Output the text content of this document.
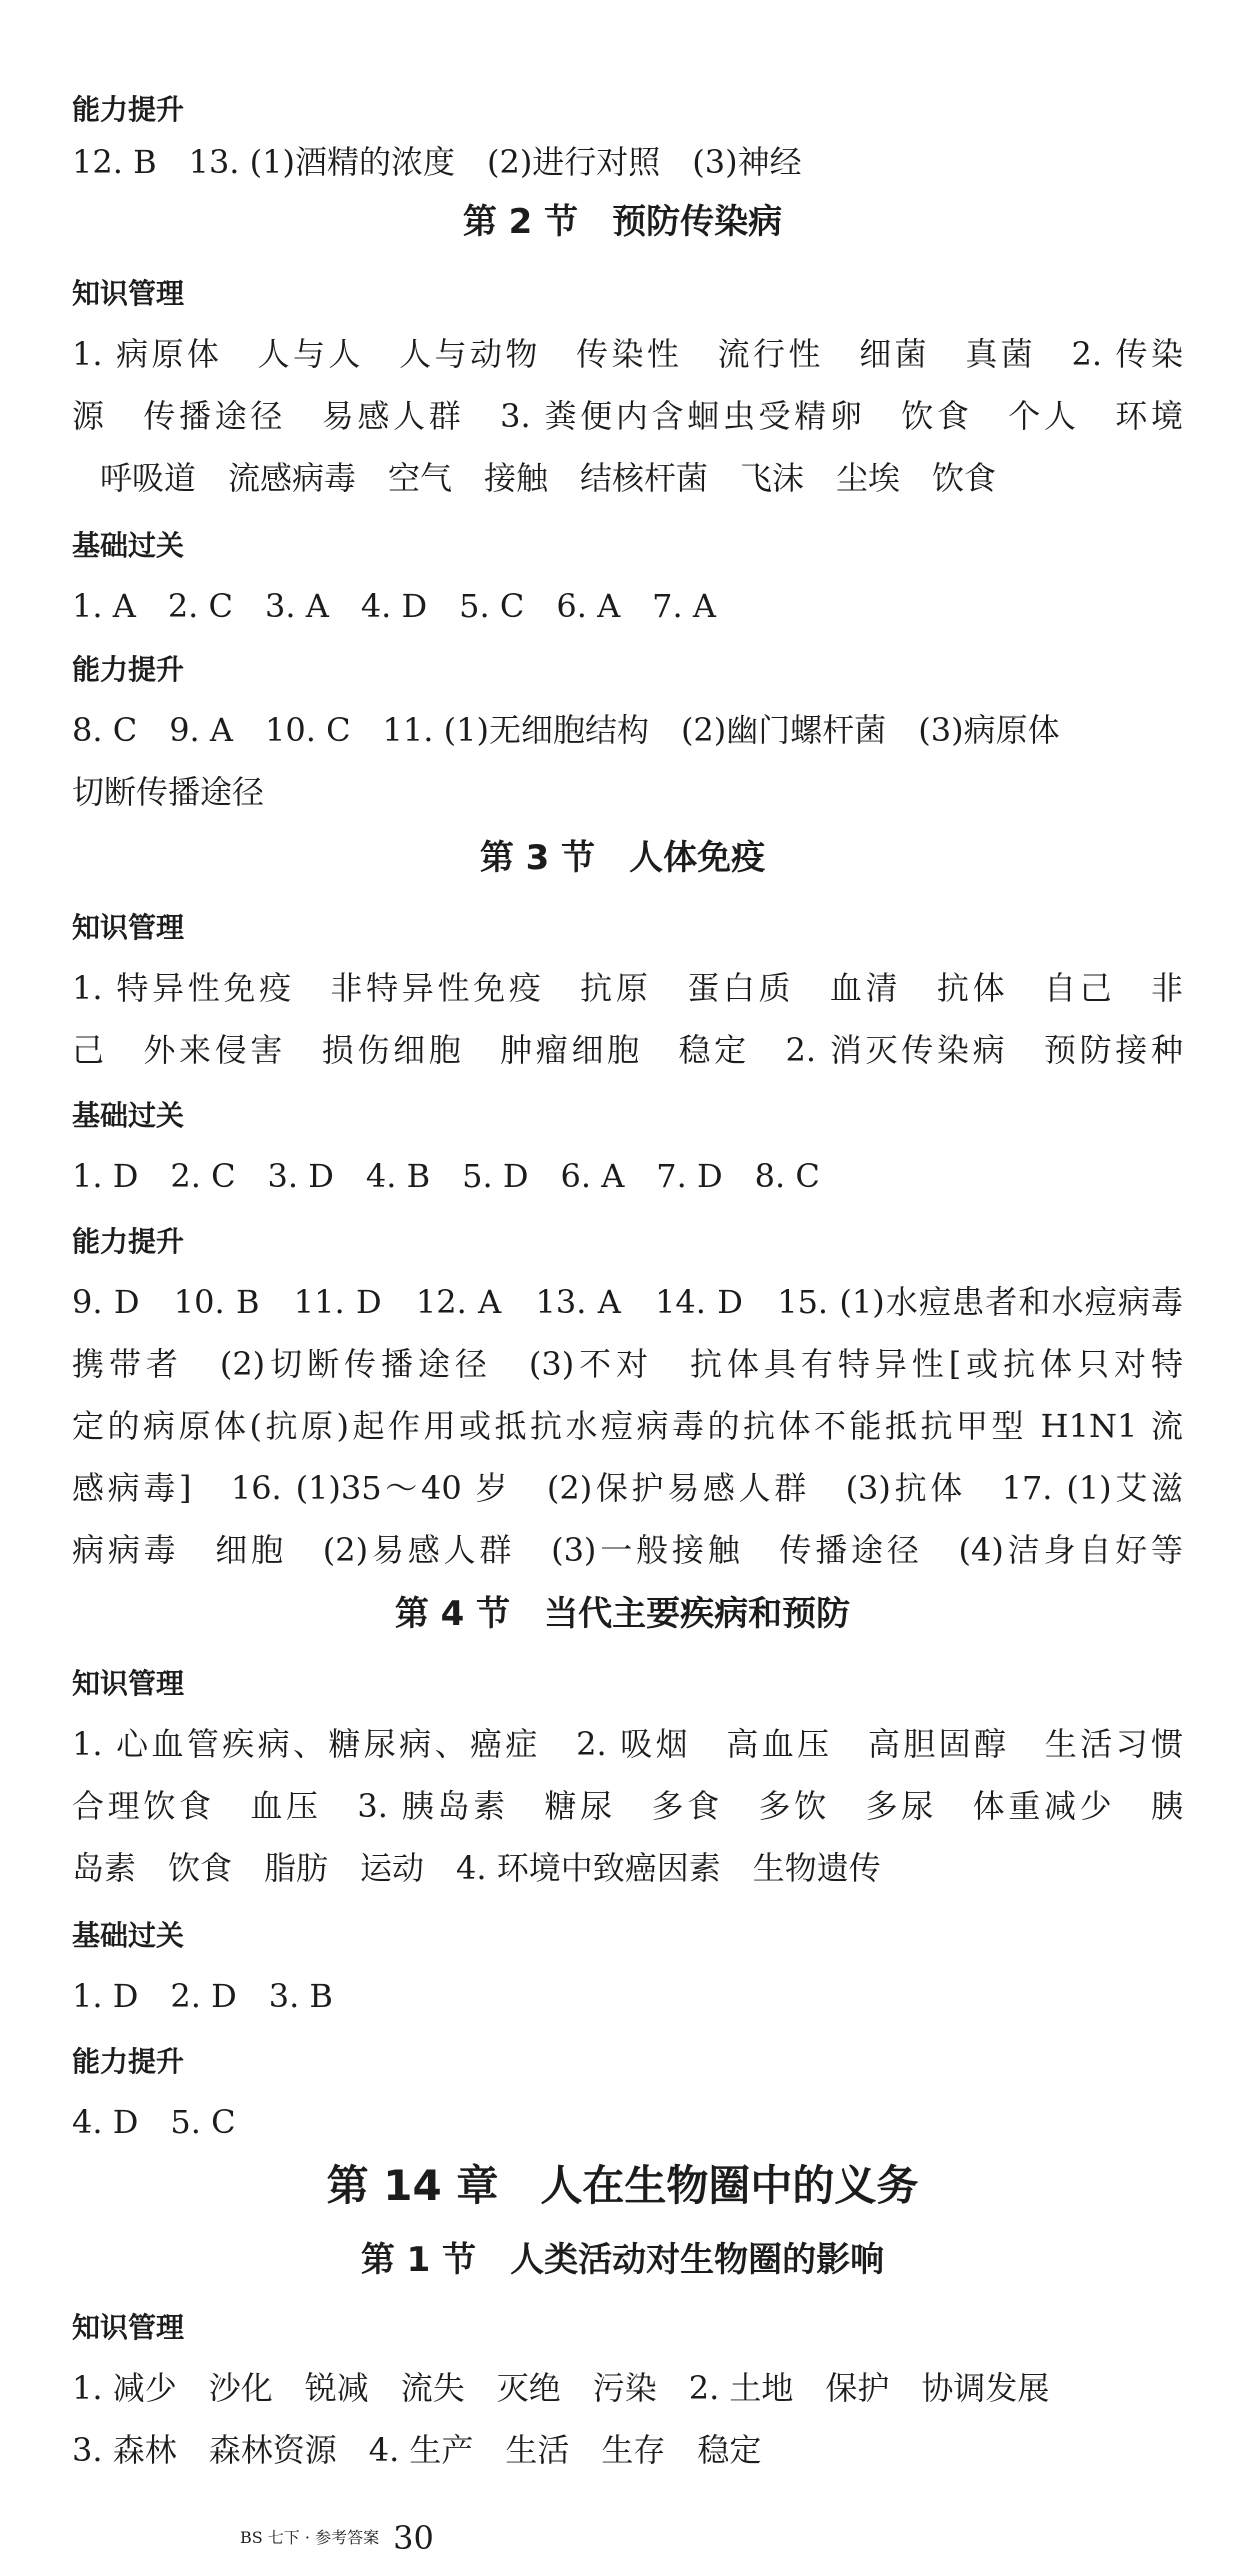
能力提升
12. B　13. (1)酒精的浓度　(2)进行对照　(3)神经
第 2 节　预防传染病
知识管理
1. 病原体　人与人　人与动物　传染性　流行性　细菌　真菌　2. 传染
源　传播途径　易感人群　3. 粪便内含蛔虫受精卵　饮食　个人　环境
呼吸道　流感病毒　空气　接触　结核杆菌　飞沫　尘埃　饮食
基础过关
1. A　2. C　3. A　4. D　5. C　6. A　7. A
能力提升
8. C　9. A　10. C　11. (1)无细胞结构　(2)幽门螺杆菌　(3)病原体
切断传播途径
第 3 节　人体免疫
知识管理
1. 特异性免疫　非特异性免疫　抗原　蛋白质　血清　抗体　自己　非
己　外来侵害　损伤细胞　肿瘤细胞　稳定　2. 消灭传染病　预防接种
基础过关
1. D　2. C　3. D　4. B　5. D　6. A　7. D　8. C
能力提升
9. D　10. B　11. D　12. A　13. A　14. D　15. (1)水痘患者和水痘病毒
携带者　(2)切断传播途径　(3)不对　抗体具有特异性[或抗体只对特
定的病原体(抗原)起作用或抵抗水痘病毒的抗体不能抵抗甲型 H1N1 流
感病毒]　16. (1)35～40 岁　(2)保护易感人群　(3)抗体　17. (1)艾滋
病病毒　细胞　(2)易感人群　(3)一般接触　传播途径　(4)洁身自好等
第 4 节　当代主要疾病和预防
知识管理
1. 心血管疾病、糖尿病、癌症　2. 吸烟　高血压　高胆固醇　生活习惯
合理饮食　血压　3. 胰岛素　糖尿　多食　多饮　多尿　体重减少　胰
岛素　饮食　脂肪　运动　4. 环境中致癌因素　生物遗传
基础过关
1. D　2. D　3. B
能力提升
4. D　5. C
第 14 章　人在生物圈中的义务
第 1 节　人类活动对生物圈的影响
知识管理
1. 减少　沙化　锐减　流失　灭绝　污染　2. 土地　保护　协调发展
3. 森林　森林资源　4. 生产　生活　生存　稳定
BS 七下 · 参考答案 30
